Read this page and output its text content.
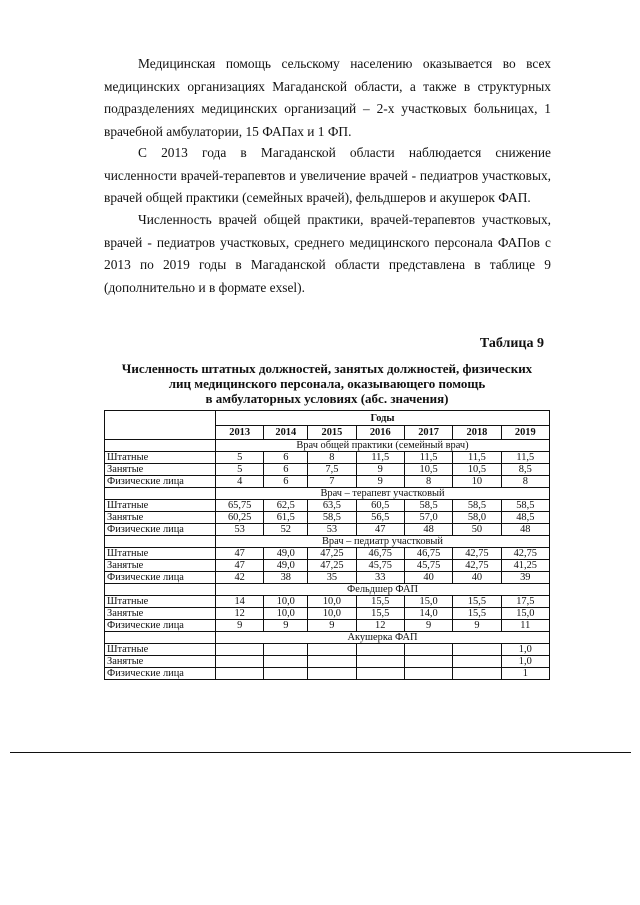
Медицинская помощь сельскому населению оказывается во всех медицинских организациях Магаданской области, а также в структурных подразделениях медицинских организаций – 2-х участковых больницах, 1 врачебной амбулатории, 15 ФАПах и 1 ФП.

С 2013 года в Магаданской области наблюдается снижение численности врачей-терапевтов и увеличение врачей - педиатров участковых, врачей общей практики (семейных врачей), фельдшеров и акушерок ФАП.

Численность врачей общей практики, врачей-терапевтов участковых, врачей - педиатров участковых, среднего медицинского персонала ФАПов с 2013 по 2019 годы в Магаданской области представлена в таблице 9 (дополнительно и в формате exsel).

Таблица 9

Численность штатных должностей, занятых должностей, физических
лиц медицинского персонала, оказывающего помощь
в амбулаторных условиях (абс. значения)
	Годы						
	2013	2014	2015	2016	2017	2018	2019
	Врач общей практики (семейный врач)						
Штатные	5	6	8	11,5	11,5	11,5	11,5
Занятые	5	6	7,5	9	10,5	10,5	8,5
Физические лица	4	6	7	9	8	10	8
	Врач – терапевт участковый						
Штатные	65,75	62,5	63,5	60,5	58,5	58,5	58,5
Занятые	60,25	61,5	58,5	56,5	57,0	58,0	48,5
Физические лица	53	52	53	47	48	50	48
	Врач – педиатр участковый						
Штатные	47	49,0	47,25	46,75	46,75	42,75	42,75
Занятые	47	49,0	47,25	45,75	45,75	42,75	41,25
Физические лица	42	38	35	33	40	40	39
	Фельдшер ФАП						
Штатные	14	10,0	10,0	15,5	15,0	15,5	17,5
Занятые	12	10,0	10,0	15,5	14,0	15,5	15,0
Физические лица	9	9	9	12	9	9	11
	Акушерка ФАП						
Штатные							1,0
Занятые							1,0
Физические лица							1
